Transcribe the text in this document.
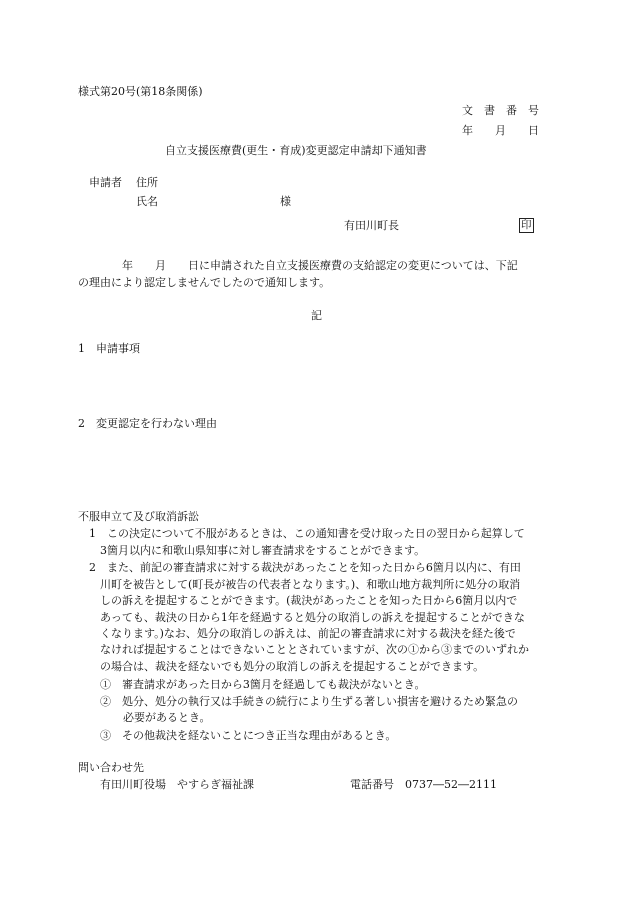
様式第20号(第18条関係)
文　書　番　号
年　　月　　日
自立支援医療費(更生・育成)変更認定申請却下通知書
申請者 住所
氏名	様
有田川町長	印
　　　　年　　月　　日に申請された自立支援医療費の支給認定の変更については、下記
の理由により認定しませんでしたので通知します。
記
1　申請事項
2　変更認定を行わない理由
不服申立て及び取消訴訟
1　この決定について不服があるときは、この通知書を受け取った日の翌日から起算して
3箇月以内に和歌山県知事に対し審査請求をすることができます。
2　また、前記の審査請求に対する裁決があったことを知った日から6箇月以内に、有田
川町を被告として(町長が被告の代表者となります。)、和歌山地方裁判所に処分の取消
しの訴えを提起することができます。(裁決があったことを知った日から6箇月以内で
あっても、裁決の日から1年を経過すると処分の取消しの訴えを提起することができな
くなります。)なお、処分の取消しの訴えは、前記の審査請求に対する裁決を経た後で
なければ提起することはできないこととされていますが、次の①から③までのいずれか
の場合は、裁決を経ないでも処分の取消しの訴えを提起することができます。
①　審査請求があった日から3箇月を経過しても裁決がないとき。
②　処分、処分の執行又は手続きの続行により生ずる著しい損害を避けるため緊急の
必要があるとき。
③　その他裁決を経ないことにつき正当な理由があるとき。
問い合わせ先
有田川町役場　やすらぎ福祉課	電話番号 0737―52―2111
